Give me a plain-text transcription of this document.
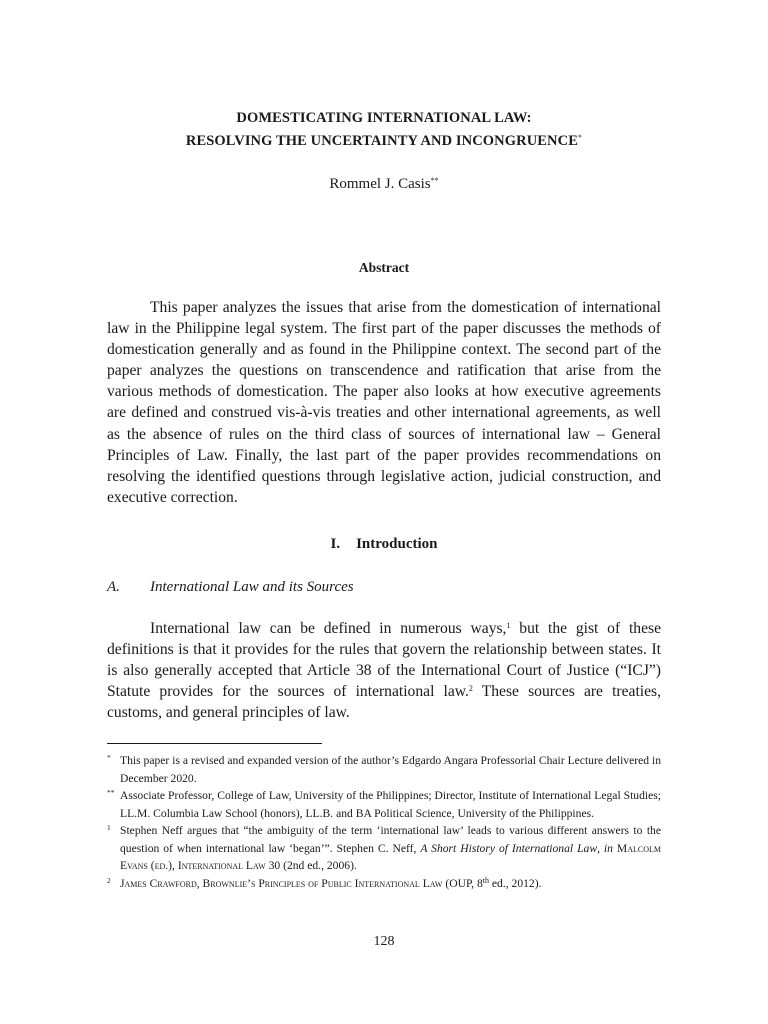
DOMESTICATING INTERNATIONAL LAW:
RESOLVING THE UNCERTAINTY AND INCONGRUENCE*
Rommel J. Casis**
Abstract

This paper analyzes the issues that arise from the domestication of international law in the Philippine legal system. The first part of the paper discusses the methods of domestication generally and as found in the Philippine context. The second part of the paper analyzes the questions on transcendence and ratification that arise from the various methods of domestication. The paper also looks at how executive agreements are defined and construed vis-à-vis treaties and other international agreements, as well as the absence of rules on the third class of sources of international law – General Principles of Law. Finally, the last part of the paper provides recommendations on resolving the identified questions through legislative action, judicial construction, and executive correction.

I. Introduction
A. International Law and its Sources

International law can be defined in numerous ways,$^1$ but the gist of these definitions is that it provides for the rules that govern the relationship between states. It is also generally accepted that Article 38 of the International Court of Justice (“ICJ”) Statute provides for the sources of international law.$^2$ These sources are treaties, customs, and general principles of law.

* This paper is a revised and expanded version of the author’s Edgardo Angara Professorial Chair Lecture delivered in December 2020.
** Associate Professor, College of Law, University of the Philippines; Director, Institute of International Legal Studies; LL.M. Columbia Law School (honors), LL.B. and BA Political Science, University of the Philippines.
1 Stephen Neff argues that “the ambiguity of the term ‘international law’ leads to various different answers to the question of when international law ‘began’”. Stephen C. Neff, A Short History of International Law, in Malcolm Evans (ed.), International Law 30 (2nd ed., 2006).
2 James Crawford, Brownlie’s Principles of Public International Law (OUP, 8th ed., 2012).
128
